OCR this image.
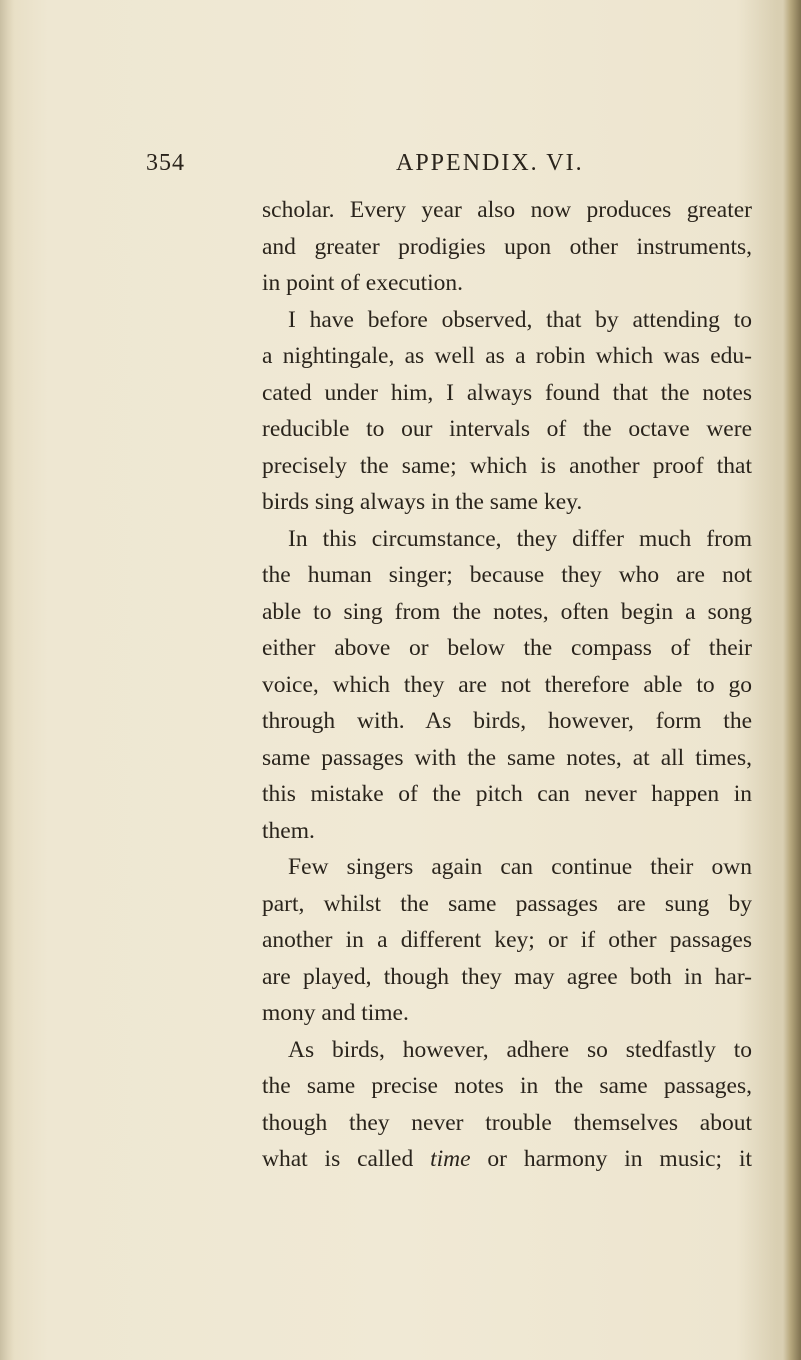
354	APPENDIX. VI.
scholar. Every year also now produces greater
and greater prodigies upon other instruments,
in point of execution.
I have before observed, that by attending to
a nightingale, as well as a robin which was edu-
cated under him, I always found that the notes
reducible to our intervals of the octave were
precisely the same; which is another proof that
birds sing always in the same key.
In this circumstance, they differ much from
the human singer; because they who are not
able to sing from the notes, often begin a song
either above or below the compass of their
voice, which they are not therefore able to go
through with. As birds, however, form the
same passages with the same notes, at all times,
this mistake of the pitch can never happen in
them.
Few singers again can continue their own
part, whilst the same passages are sung by
another in a different key; or if other passages
are played, though they may agree both in har-
mony and time.
As birds, however, adhere so stedfastly to
the same precise notes in the same passages,
though they never trouble themselves about
what is called time or harmony in music; it
